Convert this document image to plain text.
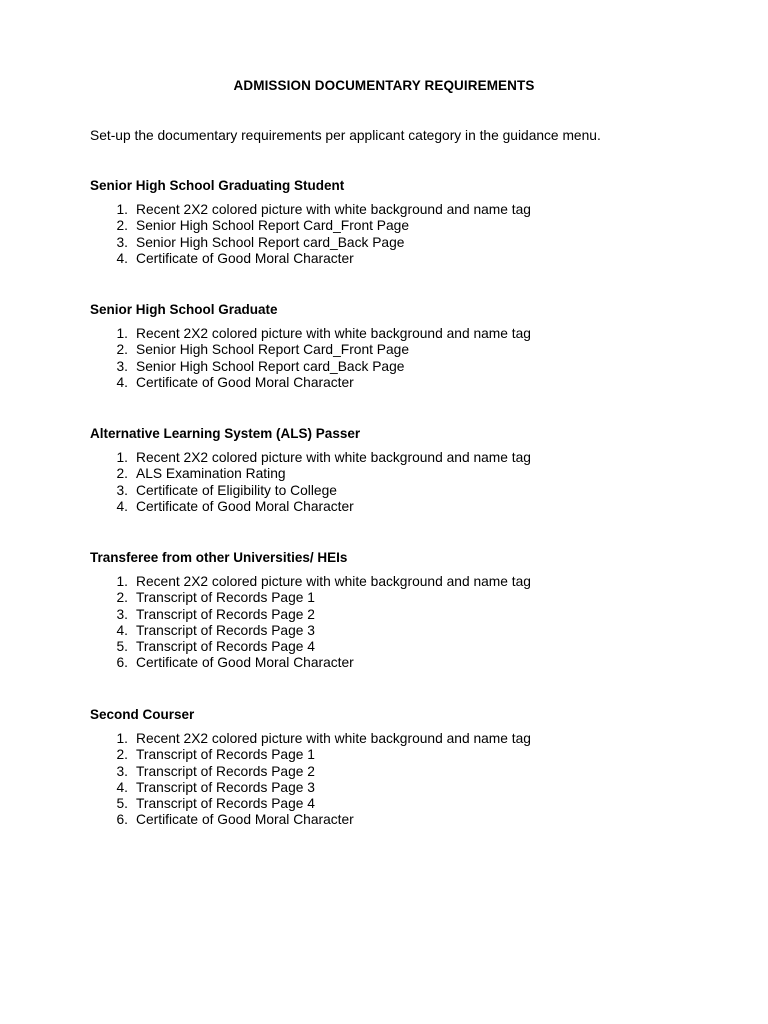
ADMISSION DOCUMENTARY REQUIREMENTS
Set-up the documentary requirements per applicant category in the guidance menu.
Senior High School Graduating Student
1. Recent 2X2 colored picture with white background and name tag
2. Senior High School Report Card_Front Page
3. Senior High School Report card_Back Page
4. Certificate of Good Moral Character
Senior High School Graduate
1. Recent 2X2 colored picture with white background and name tag
2. Senior High School Report Card_Front Page
3. Senior High School Report card_Back Page
4. Certificate of Good Moral Character
Alternative Learning System (ALS) Passer
1. Recent 2X2 colored picture with white background and name tag
2. ALS Examination Rating
3. Certificate of Eligibility to College
4. Certificate of Good Moral Character
Transferee from other Universities/ HEIs
1. Recent 2X2 colored picture with white background and name tag
2. Transcript of Records Page 1
3. Transcript of Records Page 2
4. Transcript of Records Page 3
5. Transcript of Records Page 4
6. Certificate of Good Moral Character
Second Courser
1. Recent 2X2 colored picture with white background and name tag
2. Transcript of Records Page 1
3. Transcript of Records Page 2
4. Transcript of Records Page 3
5. Transcript of Records Page 4
6. Certificate of Good Moral Character
